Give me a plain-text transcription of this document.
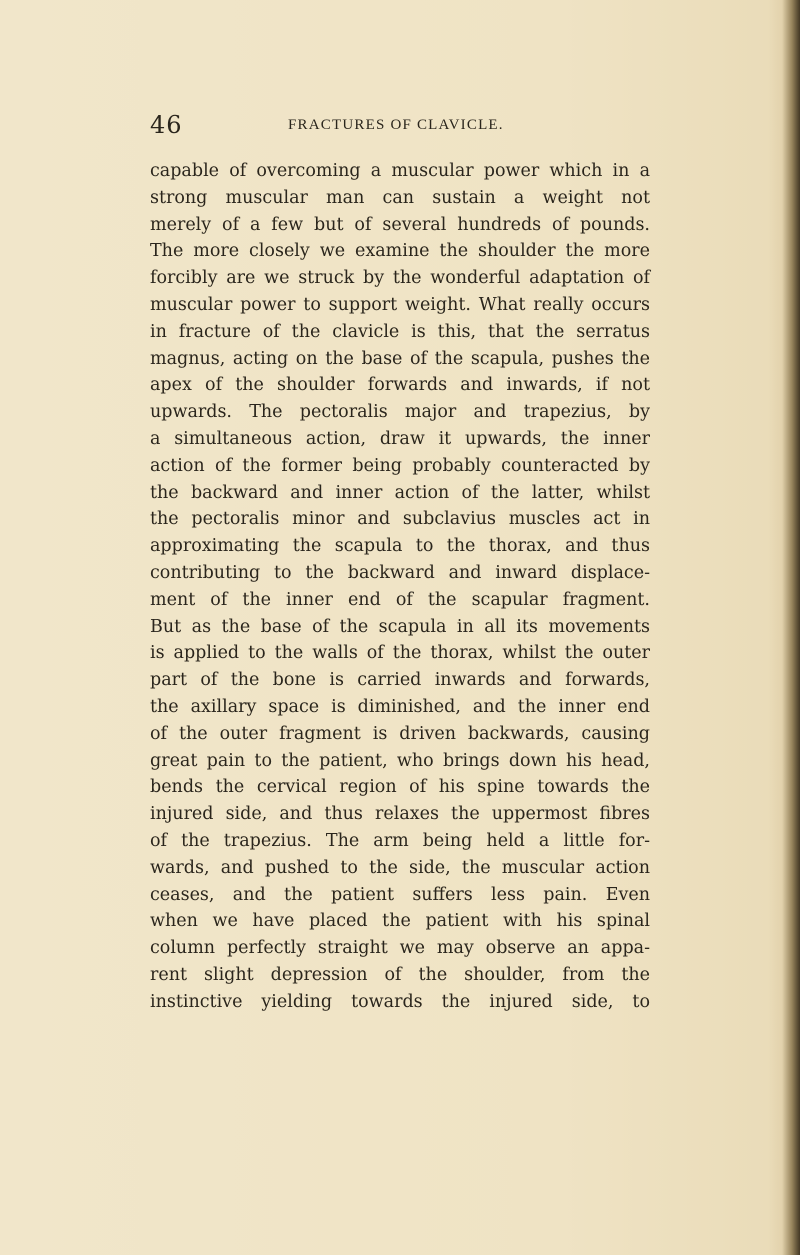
46	FRACTURES OF CLAVICLE.
capable of overcoming a muscular power which in a
strong muscular man can sustain a weight not
merely of a few but of several hundreds of pounds.
The more closely we examine the shoulder the more
forcibly are we struck by the wonderful adaptation of
muscular power to support weight. What really occurs
in fracture of the clavicle is this, that the serratus
magnus, acting on the base of the scapula, pushes the
apex of the shoulder forwards and inwards, if not
upwards. The pectoralis major and trapezius, by
a simultaneous action, draw it upwards, the inner
action of the former being probably counteracted by
the backward and inner action of the latter, whilst
the pectoralis minor and subclavius muscles act in
approximating the scapula to the thorax, and thus
contributing to the backward and inward displace-
ment of the inner end of the scapular fragment.
But as the base of the scapula in all its movements
is applied to the walls of the thorax, whilst the outer
part of the bone is carried inwards and forwards,
the axillary space is diminished, and the inner end
of the outer fragment is driven backwards, causing
great pain to the patient, who brings down his head,
bends the cervical region of his spine towards the
injured side, and thus relaxes the uppermost fibres
of the trapezius. The arm being held a little for-
wards, and pushed to the side, the muscular action
ceases, and the patient suffers less pain. Even
when we have placed the patient with his spinal
column perfectly straight we may observe an appa-
rent slight depression of the shoulder, from the
instinctive yielding towards the injured side, to
